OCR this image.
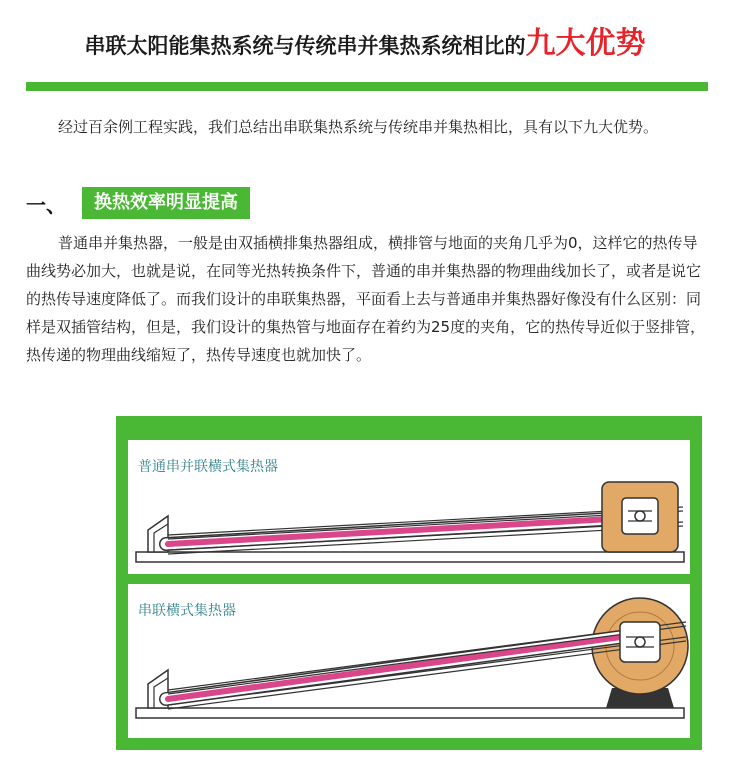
串联太阳能集热系统与传统串并集热系统相比的九大优势

经过百余例工程实践，我们总结出串联集热系统与传统串并集热相比，具有以下九大优势。

一、	换热效率明显提高

普通串并集热器，一般是由双插横排集热器组成，横排管与地面的夹角几乎为0，这样它的热传导曲线势必加大，也就是说，在同等光热转换条件下，普通的串并集热器的物理曲线加长了，或者是说它的热传导速度降低了。而我们设计的串联集热器，平面看上去与普通串并集热器好像没有什么区别：同样是双插管结构，但是，我们设计的集热管与地面存在着约为25度的夹角，它的热传导近似于竖排管，热传递的物理曲线缩短了，热传导速度也就加快了。

普通串并联横式集热器
串联横式集热器
